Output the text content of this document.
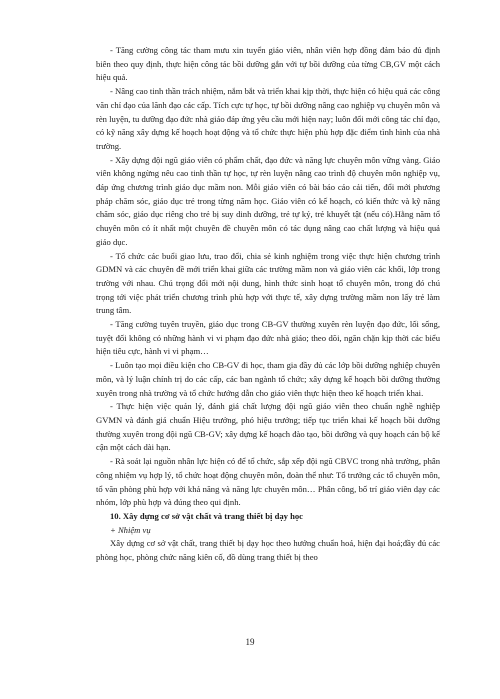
- Tăng cường công tác tham mưu xin tuyển giáo viên, nhân viên hợp đồng đảm bảo đủ định biên theo quy định, thực hiện công tác bồi dưỡng gắn với tự bồi dưỡng của từng CB,GV một cách hiệu quả.

- Nâng cao tinh thần trách nhiệm, nắm bắt và triển khai kịp thời, thực hiện có hiệu quả các công văn chỉ đạo của lãnh đạo các cấp. Tích cực tự học, tự bồi dưỡng nâng cao nghiệp vụ chuyên môn và rèn luyện, tu dưỡng đạo đức nhà giáo đáp ứng yêu cầu mới hiện nay; luôn đổi mới công tác chỉ đạo, có kỹ năng xây dựng kế hoạch hoạt động và tổ chức thực hiện phù hợp đặc điểm tình hình của nhà trường.

- Xây dựng đội ngũ giáo viên có phẩm chất, đạo đức và năng lực chuyên môn vững vàng. Giáo viên không ngừng nêu cao tinh thần tự học, tự rèn luyện nâng cao trình độ chuyên môn nghiệp vụ, đáp ứng chương trình giáo dục mầm non. Mỗi giáo viên có bài báo cáo cải tiến, đổi mới phương pháp chăm sóc, giáo dục trẻ trong từng năm học. Giáo viên có kế hoạch, có kiến thức và kỹ năng chăm sóc, giáo dục riêng cho trẻ bị suy dinh dưỡng, trẻ tự kỷ, trẻ khuyết tật (nếu có).Hằng năm tổ chuyên môn có ít nhất một chuyên đề chuyên môn có tác dụng nâng cao chất lượng và hiệu quả giáo dục.

- Tổ chức các buổi giao lưu, trao đổi, chia sẻ kinh nghiệm trong việc thực hiện chương trình GDMN và các chuyên đề mới triển khai giữa các trường mầm non và giáo viên các khối, lớp trong trường với nhau. Chú trọng đổi mới nội dung, hình thức sinh hoạt tổ chuyên môn, trong đó chú trọng tới việc phát triển chương trình phù hợp với thực tế, xây dựng trường mầm non lấy trẻ làm trung tâm.

- Tăng cường tuyên truyền, giáo dục trong CB-GV thường xuyên rèn luyện đạo đức, lối sống, tuyệt đối không có những hành vi vi phạm đạo đức nhà giáo; theo dõi, ngăn chặn kịp thời các biểu hiện tiêu cực, hành vi vi phạm…

- Luôn tạo mọi điều kiện cho CB-GV đi học, tham gia đầy đủ các lớp bồi dưỡng nghiệp chuyên môn, và lý luận chính trị do các cấp, các ban ngành tổ chức; xây dựng kế hoạch bồi dưỡng thường xuyên trong nhà trường và tổ chức hướng dẫn cho giáo viên thực hiện theo kế hoạch triển khai.

- Thực hiện việc quản lý, đánh giá chất lượng đội ngũ giáo viên theo chuẩn nghề nghiệp GVMN và đánh giá chuẩn Hiệu trưởng, phó hiệu trưởng; tiếp tục triển khai kế hoạch bồi dưỡng thường xuyên trong đội ngũ CB-GV; xây dựng kế hoạch đào tạo, bồi dưỡng và quy hoạch cán bộ kế cận một cách dài hạn.

- Rà soát lại nguồn nhân lực hiện có để tổ chức, sắp xếp đội ngũ CBVC trong nhà trường, phân công nhiệm vụ hợp lý, tổ chức hoạt động chuyên môn, đoàn thể như: Tổ trưởng các tổ chuyên môn, tổ văn phòng phù hợp với khả năng và năng lực chuyên môn… Phân công, bố trí giáo viên dạy các nhóm, lớp phù hợp và đúng theo qui định.

10. Xây dựng cơ sở vật chất và trang thiết bị dạy học

+ Nhiệm vụ

Xây dựng cơ sở vật chất, trang thiết bị dạy học theo hướng chuẩn hoá, hiện đại hoá;đầy đủ các phòng học, phòng chức năng kiên cố, đồ dùng trang thiết bị theo

19
